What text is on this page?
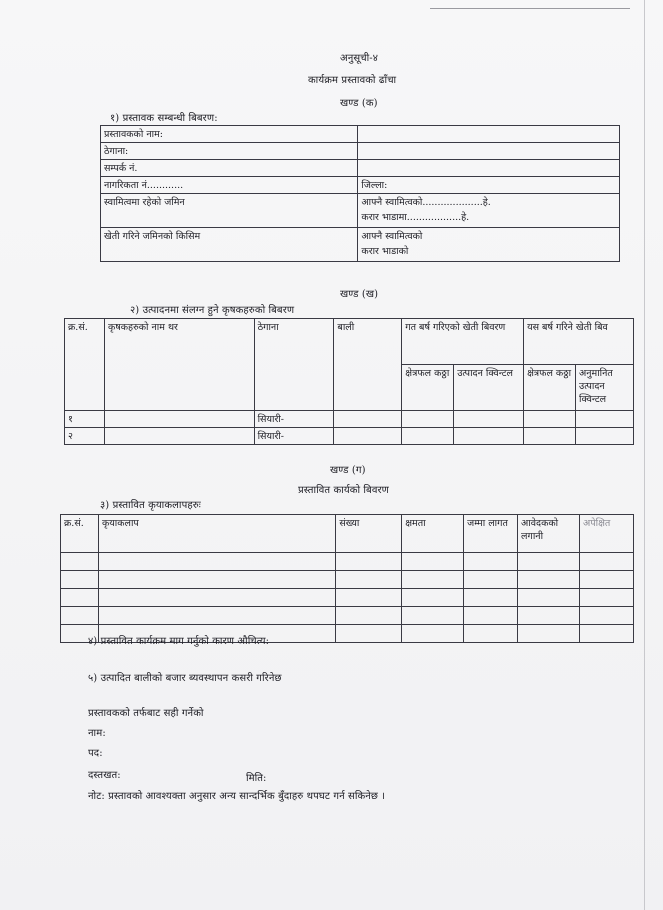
अनुसूची-४
कार्यक्रम प्रस्तावको ढाँचा
खण्ड (क)
१) प्रस्तावक सम्बन्धी बिबरण:
प्रस्तावकको नाम:	
ठेगाना:	
सम्पर्क नं.	
नागरिकता नं............	जिल्ला:
स्वामित्वमा रहेको जमिन	आफ्नै स्वामित्वको....................हे.
करार भाडामा..................हे.

खेती गरिने जमिनको किसिम	आफ्नै स्वामित्वको
करार भाडाको
खण्ड (ख)
२) उत्पादनमा संलग्न हुने कृषकहरुको बिबरण
क्र.सं.	कृषकहरुको नाम थर	ठेगाना	बाली	गत बर्ष गरिएको खेती बिवरण		यस बर्ष गरिने खेती बिव	
				क्षेत्रफल कठ्ठा	उत्पादन क्विन्टल	क्षेत्रफल कठ्ठा	अनुमानित उत्पादन क्विन्टल
१		सियारी-					
२		सियारी-					
खण्ड (ग)
प्रस्तावित कार्यको बिवरण
३) प्रस्तावित कृयाकलापहरुः
क्र.सं.	कृयाकलाप	संख्या	क्षमता	जम्मा लागत	आवेदकको लगानी	अपेक्षित

४) प्रस्तावित कार्यक्रम माग गर्नुको कारण औचित्य:
५) उत्पादित बालीको बजार ब्यवस्थापन कसरी गरिनेछ
प्रस्तावकको तर्फबाट सही गर्नेको
नाम:
पद:
दस्तखत:	मिति:
नोट: प्रस्तावको आवश्यक्ता अनुसार अन्य सान्दर्भिक बुँदाहरु थपघट गर्न सकिनेछ ।
